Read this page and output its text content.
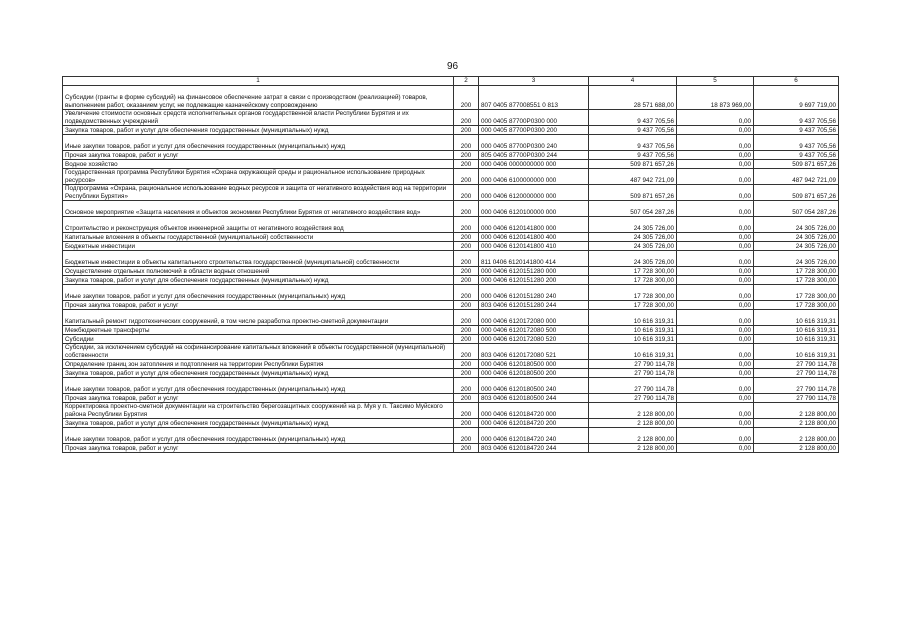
96
1	2	3	4	5	6
Субсидии (гранты в форме субсидий) на финансовое обеспечение затрат в связи с производством (реализацией) товаров, выполнением работ, оказанием услуг, не подлежащие казначейскому сопровождению	200	807 0405 877008551 0 813	28 571 688,00	18 873 969,00	9 697 719,00
Увеличение стоимости основных средств исполнительных органов государственной власти Республики Бурятия и их подведомственных учреждений	200	000 0405 87700P0300 000	9 437 705,56	0,00	9 437 705,56
Закупка товаров, работ и услуг для обеспечения государственных (муниципальных) нужд	200	000 0405 87700P0300 200	9 437 705,56	0,00	9 437 705,56
Иные закупки товаров, работ и услуг для обеспечения государственных (муниципальных) нужд	200	000 0405 87700P0300 240	9 437 705,56	0,00	9 437 705,56
Прочая закупка товаров, работ и услуг	200	805 0405 87700P0300 244	9 437 705,56	0,00	9 437 705,56
Водное хозяйство	200	000 0406 0000000000 000	509 871 657,26	0,00	509 871 657,26
Государственная программа Республики Бурятия «Охрана окружающей среды и рациональное использование природных ресурсов»	200	000 0406 6100000000 000	487 942 721,09	0,00	487 942 721,09
Подпрограмма «Охрана, рациональное использование водных ресурсов и защита от негативного воздействия вод на территории Республики Бурятия»	200	000 0406 6120000000 000	509 871 657,26	0,00	509 871 657,26
Основное мероприятие «Защита населения и объектов экономики Республики Бурятия от негативного воздействия вод»	200	000 0406 6120100000 000	507 054 287,26	0,00	507 054 287,26
Строительство и реконструкция объектов инженерной защиты от негативного воздействия вод	200	000 0406 6120141800 000	24 305 726,00	0,00	24 305 726,00
Капитальные вложения в объекты государственной (муниципальной) собственности	200	000 0406 6120141800 400	24 305 726,00	0,00	24 305 726,00
Бюджетные инвестиции	200	000 0406 6120141800 410	24 305 726,00	0,00	24 305 726,00
Бюджетные инвестиции в объекты капитального строительства государственной (муниципальной) собственности	200	811 0406 6120141800 414	24 305 726,00	0,00	24 305 726,00
Осуществление отдельных полномочий в области водных отношений	200	000 0406 6120151280 000	17 728 300,00	0,00	17 728 300,00
Закупка товаров, работ и услуг для обеспечения государственных (муниципальных) нужд	200	000 0406 6120151280 200	17 728 300,00	0,00	17 728 300,00
Иные закупки товаров, работ и услуг для обеспечения государственных (муниципальных) нужд	200	000 0406 6120151280 240	17 728 300,00	0,00	17 728 300,00
Прочая закупка товаров, работ и услуг	200	803 0406 6120151280 244	17 728 300,00	0,00	17 728 300,00
Капитальный ремонт гидротехнических сооружений, в том числе разработка проектно-сметной документации	200	000 0406 6120172080 000	10 616 319,31	0,00	10 616 319,31
Межбюджетные трансферты	200	000 0406 6120172080 500	10 616 319,31	0,00	10 616 319,31
Субсидии	200	000 0406 6120172080 520	10 616 319,31	0,00	10 616 319,31
Субсидии, за исключением субсидий на софинансирование капитальных вложений в объекты государственной (муниципальной) собственности	200	803 0406 6120172080 521	10 616 319,31	0,00	10 616 319,31
Определение границ зон затопления и подтопления на территории Республики Бурятия	200	000 0406 6120180500 000	27 790 114,78	0,00	27 790 114,78
Закупка товаров, работ и услуг для обеспечения государственных (муниципальных) нужд	200	000 0406 6120180500 200	27 790 114,78	0,00	27 790 114,78
Иные закупки товаров, работ и услуг для обеспечения государственных (муниципальных) нужд	200	000 0406 6120180500 240	27 790 114,78	0,00	27 790 114,78
Прочая закупка товаров, работ и услуг	200	803 0406 6120180500 244	27 790 114,78	0,00	27 790 114,78
Корректировка проектно-сметной документации на строительство берегозащитных сооружений на р. Муя у п. Таксимо Муйского района Республики Бурятия	200	000 0406 6120184720 000	2 128 800,00	0,00	2 128 800,00
Закупка товаров, работ и услуг для обеспечения государственных (муниципальных) нужд	200	000 0406 6120184720 200	2 128 800,00	0,00	2 128 800,00
Иные закупки товаров, работ и услуг для обеспечения государственных (муниципальных) нужд	200	000 0406 6120184720 240	2 128 800,00	0,00	2 128 800,00
Прочая закупка товаров, работ и услуг	200	803 0406 6120184720 244	2 128 800,00	0,00	2 128 800,00
